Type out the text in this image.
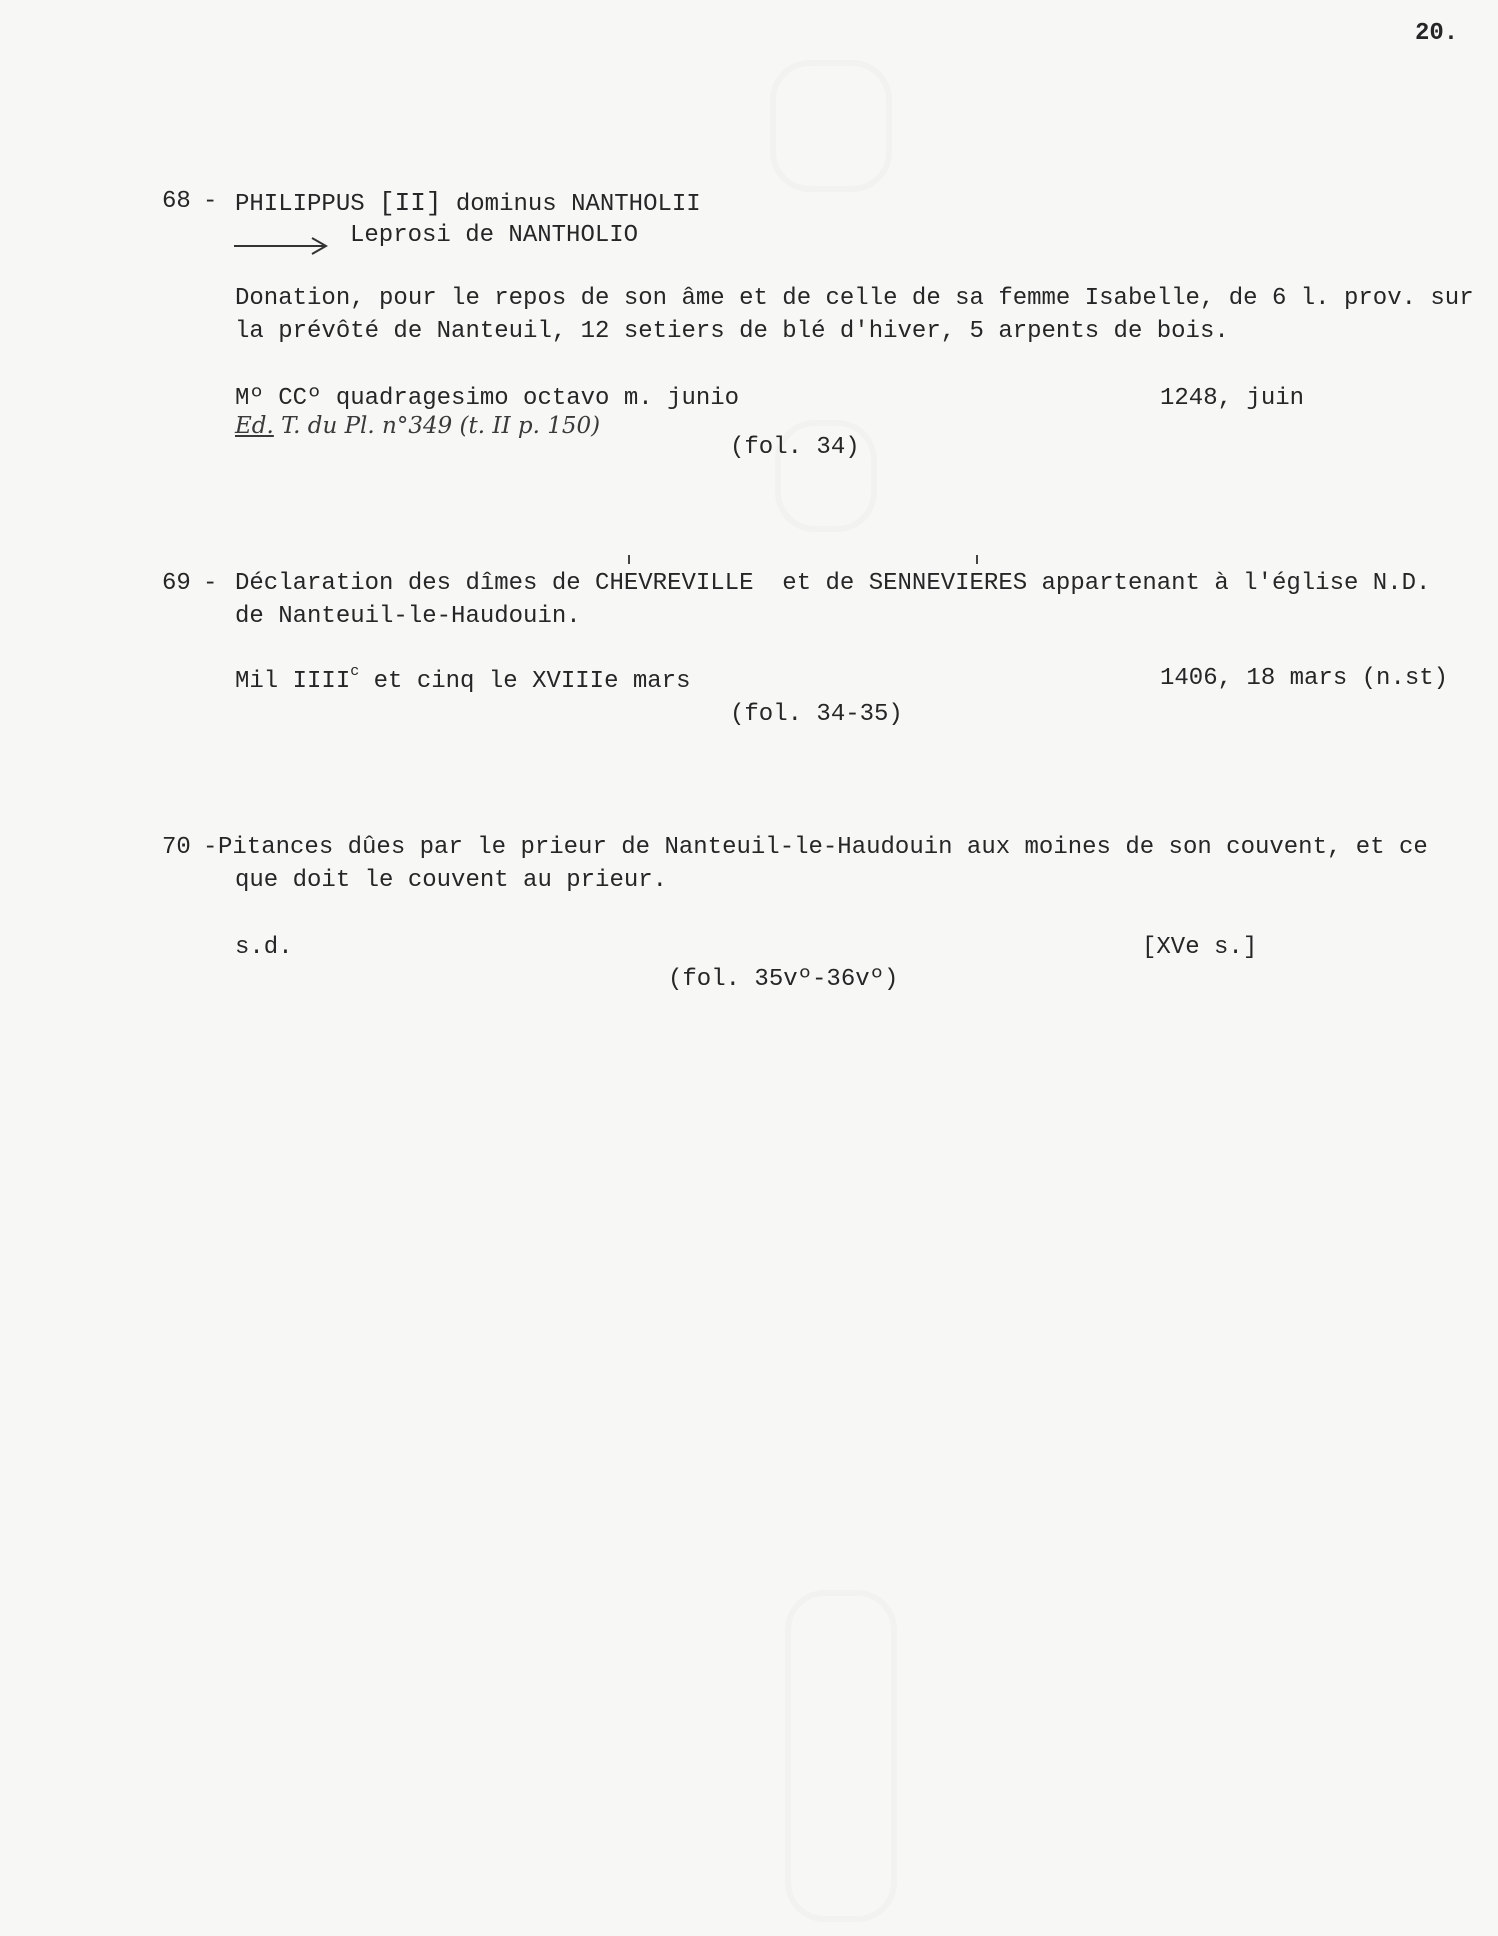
20.
68 - PHILIPPUS [II] dominus NANTHOLII
Leprosi de NANTHOLIO
Donation, pour le repos de son âme et de celle de sa femme Isabelle, de 6 l. prov. sur
la prévôté de Nanteuil, 12 setiers de blé d'hiver, 5 arpents de bois.
Mº CCº quadragesimo octavo m. junio	1248, juin
Ed. T. du Pl. n°349 (t. II p. 150)
(fol. 34)
69 - Déclaration des dîmes de CHEVREVILLE  et de SENNEVIERES appartenant à l'église N.D.
de Nanteuil-le-Haudouin.
Mil IIII$^c$ et cinq le XVIIIe mars	1406, 18 mars (n.st)
(fol. 34-35)
70 - Pitances dûes par le prieur de Nanteuil-le-Haudouin aux moines de son couvent, et ce
que doit le couvent au prieur.
s.d.	[XVe s.]
(fol. 35vº-36vº)
